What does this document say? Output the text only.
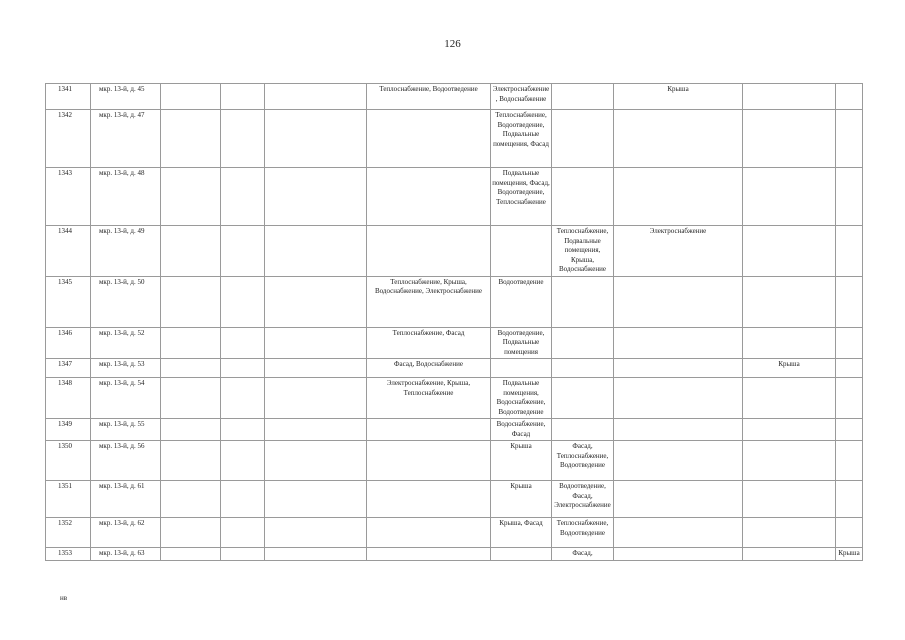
126
1341	мкр. 13-й, д. 45				Теплоснабжение, Водоотведение	Электроснабжение, Водоснабжение		Крыша		
1342	мкр. 13-й, д. 47					Теплоснабжение, Водоотведение, Подвальные помещения, Фасад				
1343	мкр. 13-й, д. 48					Подвальные помещения, Фасад, Водоотведение, Теплоснабжение				
1344	мкр. 13-й, д. 49						Теплоснабжение, Подвальные помещения, Крыша, Водоснабжение	Электроснабжение		
1345	мкр. 13-й, д. 50				Теплоснабжение, Крыша, Водоснабжение, Электроснабжение	Водоотведение				
1346	мкр. 13-й, д. 52				Теплоснабжение, Фасад	Водоотведение, Подвальные помещения				
1347	мкр. 13-й, д. 53				Фасад, Водоснабжение				Крыша	
1348	мкр. 13-й, д. 54				Электроснабжение, Крыша, Теплоснабжение	Подвальные помещения, Водоснабжение, Водоотведение				
1349	мкр. 13-й, д. 55					Водоснабжение, Фасад				
1350	мкр. 13-й, д. 56					Крыша	Фасад, Теплоснабжение, Водоотведение			
1351	мкр. 13-й, д. 61					Крыша	Водоотведение, Фасад, Электроснабжение			
1352	мкр. 13-й, д. 62					Крыша, Фасад	Теплоснабжение, Водоотведение			
1353	мкр. 13-й, д. 63						Фасад,			Крыша
нв
